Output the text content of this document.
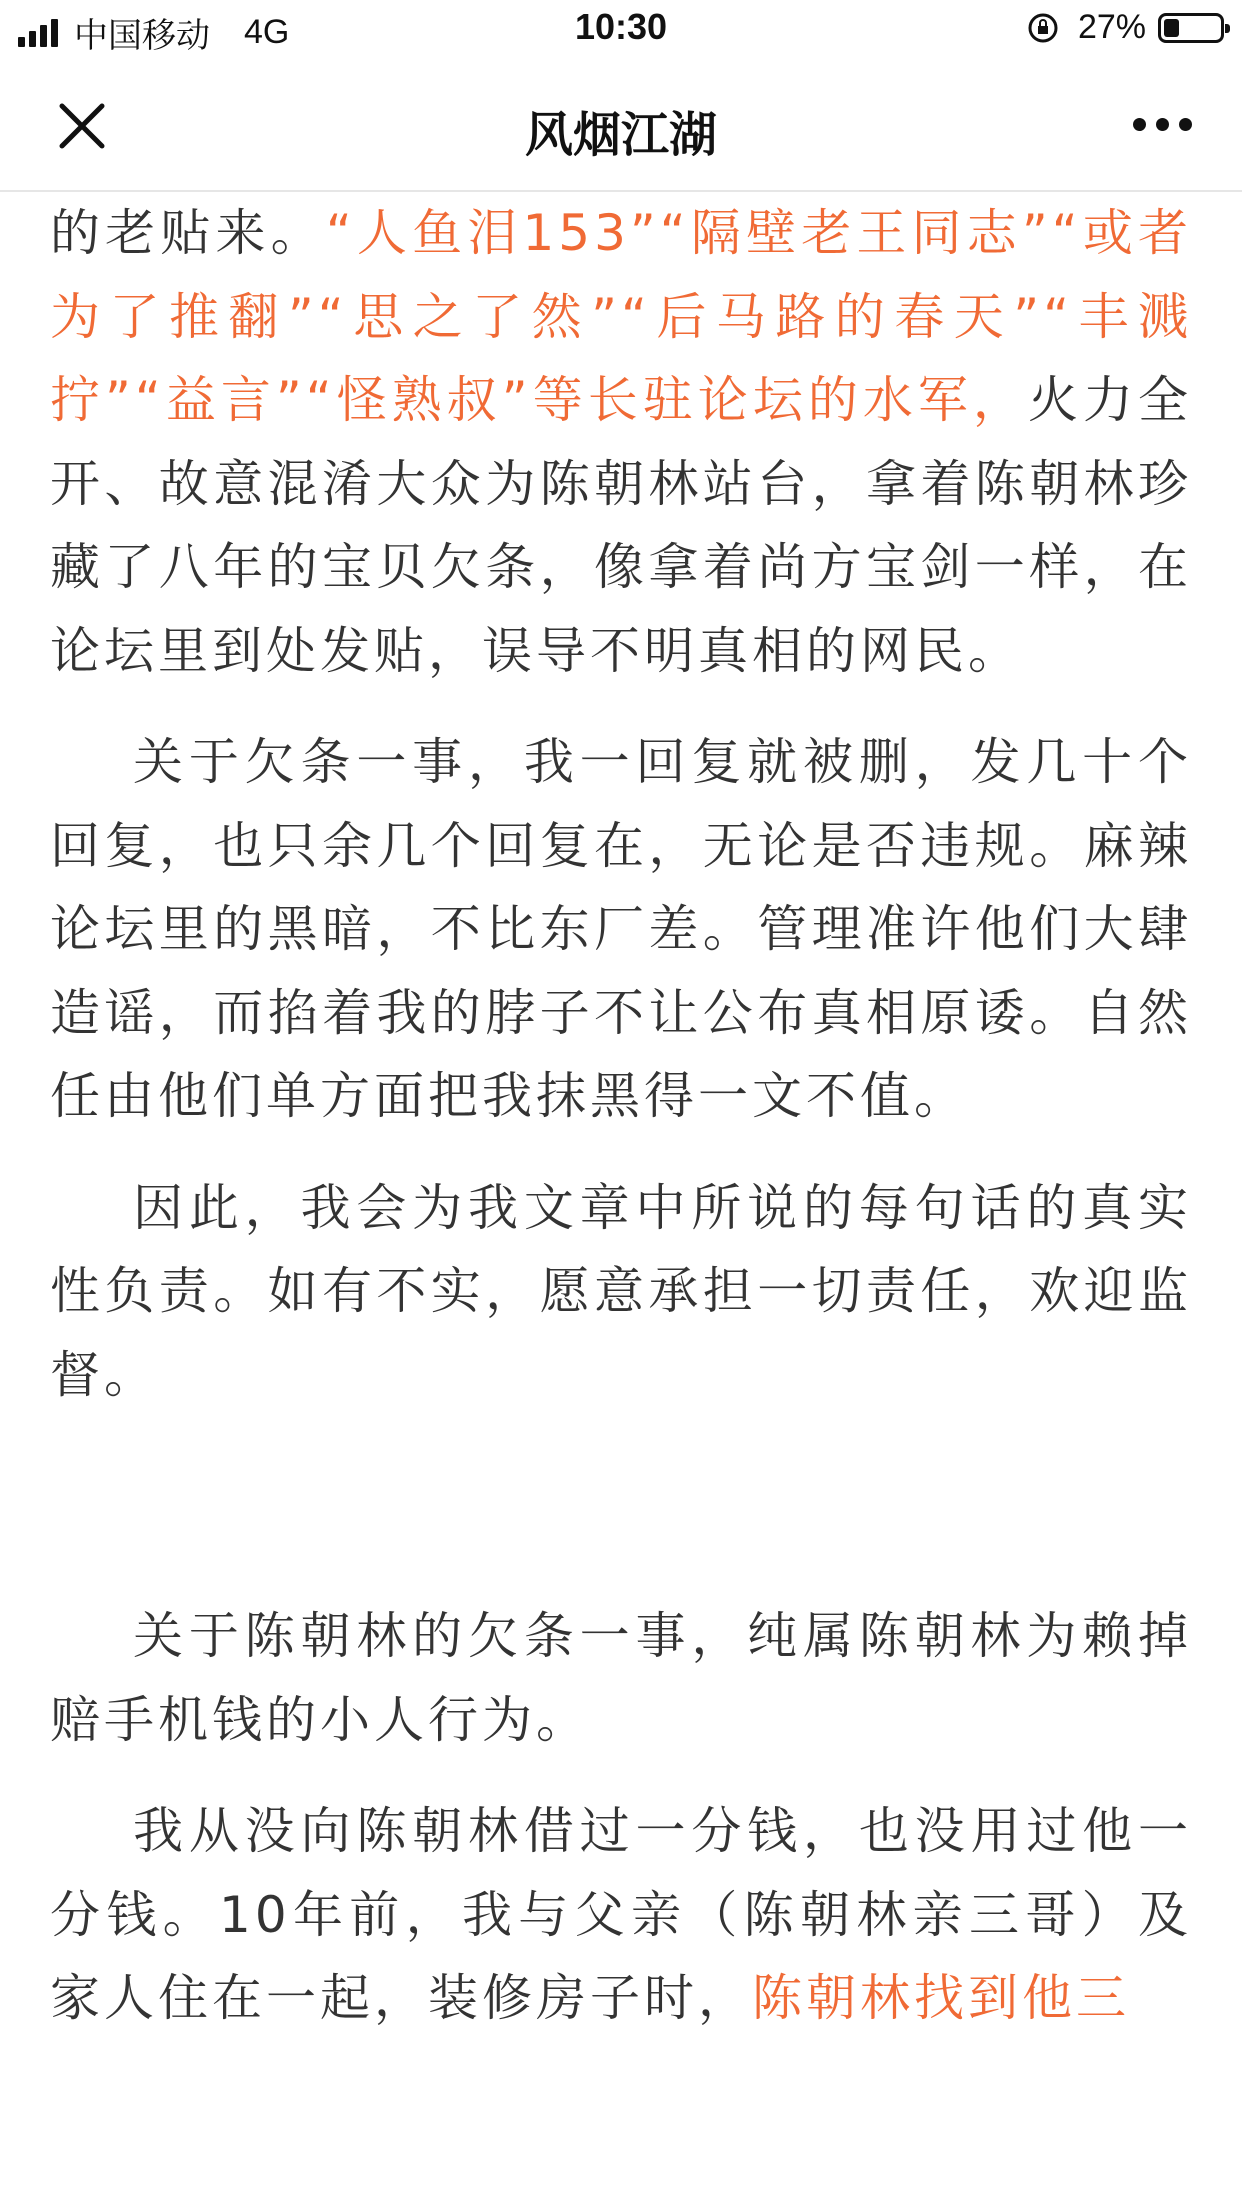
中国移动 4G	10:30	27%
风烟江湖

的老贴来。“人鱼泪153”“隔壁老王同志”“或者为了推翻”“思之了然”“后马路的春天”“丰溅拧”“益言”“怪熟叔”等长驻论坛的水军，火力全开、故意混淆大众为陈朝林站台，拿着陈朝林珍藏了八年的宝贝欠条，像拿着尚方宝剑一样，在论坛里到处发贴，误导不明真相的网民。

关于欠条一事，我一回复就被删，发几十个回复，也只余几个回复在，无论是否违规。麻辣论坛里的黑暗，不比东厂差。管理准许他们大肆造谣，而掐着我的脖子不让公布真相原诿。自然任由他们单方面把我抹黑得一文不值。

因此，我会为我文章中所说的每句话的真实性负责。如有不实，愿意承担一切责任，欢迎监督。

关于陈朝林的欠条一事，纯属陈朝林为赖掉赔手机钱的小人行为。

我从没向陈朝林借过一分钱，也没用过他一分钱。10年前，我与父亲（陈朝林亲三哥）及家人住在一起，装修房子时，陈朝林找到他三
